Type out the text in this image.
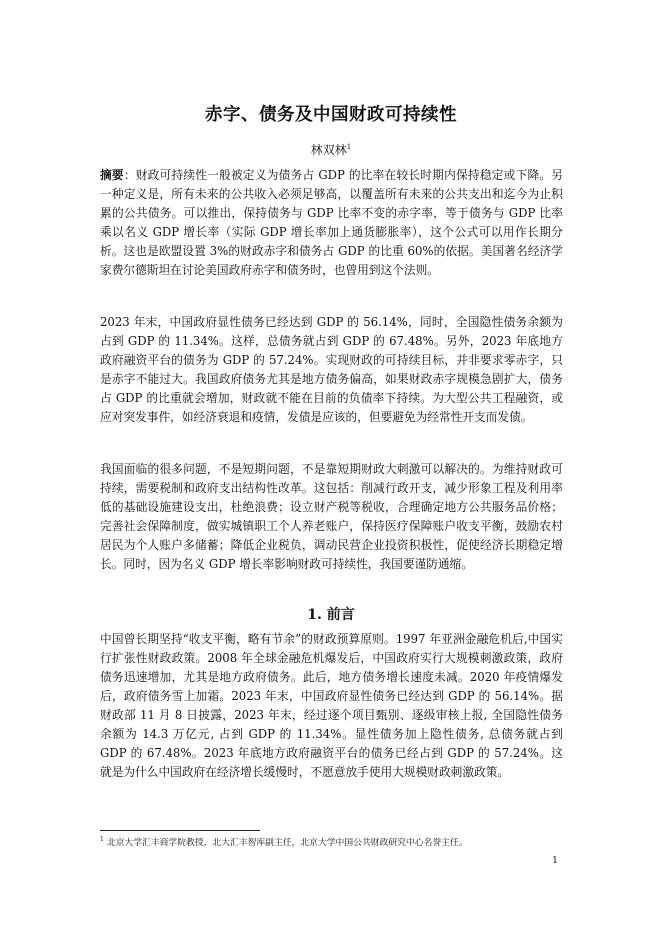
赤字、债务及中国财政可持续性

林双林$^1$

摘要：财政可持续性一般被定义为债务占 GDP 的比率在较长时期内保持稳定或下降。另一种定义是，所有未来的公共收入必须足够高，以覆盖所有未来的公共支出和迄今为止积累的公共债务。可以推出，保持债务与 GDP 比率不变的赤字率，等于债务与 GDP 比率乘以名义 GDP 增长率（实际 GDP 增长率加上通货膨胀率），这个公式可以用作长期分析。这也是欧盟设置 3%的财政赤字和债务占 GDP 的比重 60%的依据。美国著名经济学家费尔德斯坦在讨论美国政府赤字和债务时，也曾用到这个法则。

2023 年末，中国政府显性债务已经达到 GDP 的 56.14%，同时，全国隐性债务余额为占到 GDP 的 11.34%。这样，总债务就占到 GDP 的 67.48%。另外，2023 年底地方政府融资平台的债务为 GDP 的 57.24%。实现财政的可持续目标，并非要求零赤字，只是赤字不能过大。我国政府债务尤其是地方债务偏高，如果财政赤字规模急剧扩大，债务占 GDP 的比重就会增加，财政就不能在目前的负债率下持续。为大型公共工程融资，或应对突发事件，如经济衰退和疫情，发债是应该的，但要避免为经常性开支而发债。

我国面临的很多问题，不是短期问题，不是靠短期财政大刺激可以解决的。为维持财政可持续，需要税制和政府支出结构性改革。这包括：削减行政开支，减少形象工程及利用率低的基础设施建设支出，杜绝浪费；设立财产税等税收，合理确定地方公共服务品价格；完善社会保障制度，做实城镇职工个人养老账户，保持医疗保障账户收支平衡，鼓励农村居民为个人账户多储蓄；降低企业税负，调动民营企业投资积极性，促使经济长期稳定增长。同时，因为名义 GDP 增长率影响财政可持续性，我国要谨防通缩。

1. 前言

中国曾长期坚持“收支平衡，略有节余”的财政预算原则。1997 年亚洲金融危机后,中国实行扩张性财政政策。2008 年全球金融危机爆发后，中国政府实行大规模刺激政策，政府债务迅速增加，尤其是地方政府债务。此后，地方债务增长速度未减。2020 年疫情爆发后，政府债务雪上加霜。2023 年末，中国政府显性债务已经达到 GDP 的 56.14%。据财政部 11 月 8 日披露，2023 年末，经过逐个项目甄别、逐级审核上报, 全国隐性债务余额为 14.3 万亿元, 占到 GDP 的 11.34%。显性债务加上隐性债务, 总债务就占到 GDP 的 67.48%。2023 年底地方政府融资平台的债务已经占到 GDP 的 57.24%。这就是为什么中国政府在经济增长缓慢时，不愿意放手使用大规模财政刺激政策。

$^1$ 北京大学汇丰商学院教授，北大汇丰智库副主任，北京大学中国公共财政研究中心名誉主任。

1
